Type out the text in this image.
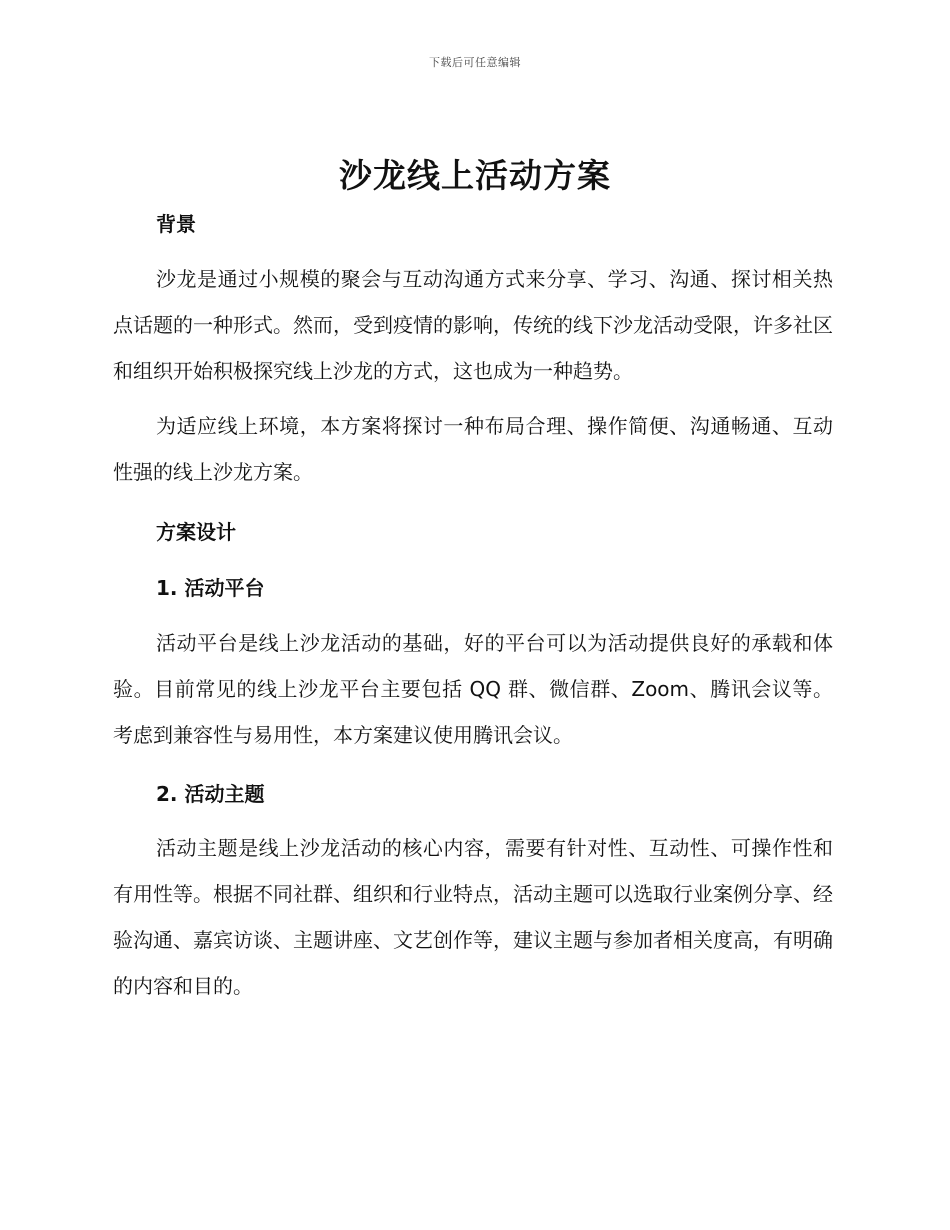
下载后可任意编辑
沙龙线上活动方案
背景

沙龙是通过小规模的聚会与互动沟通方式来分享、学习、沟通、探讨相关热点话题的一种形式。然而，受到疫情的影响，传统的线下沙龙活动受限，许多社区和组织开始积极探究线上沙龙的方式，这也成为一种趋势。

为适应线上环境，本方案将探讨一种布局合理、操作简便、沟通畅通、互动性强的线上沙龙方案。

方案设计
1. 活动平台

活动平台是线上沙龙活动的基础，好的平台可以为活动提供良好的承载和体验。目前常见的线上沙龙平台主要包括 QQ 群、微信群、Zoom、腾讯会议等。考虑到兼容性与易用性，本方案建议使用腾讯会议。

2. 活动主题

活动主题是线上沙龙活动的核心内容，需要有针对性、互动性、可操作性和有用性等。根据不同社群、组织和行业特点，活动主题可以选取行业案例分享、经验沟通、嘉宾访谈、主题讲座、文艺创作等，建议主题与参加者相关度高，有明确的内容和目的。
